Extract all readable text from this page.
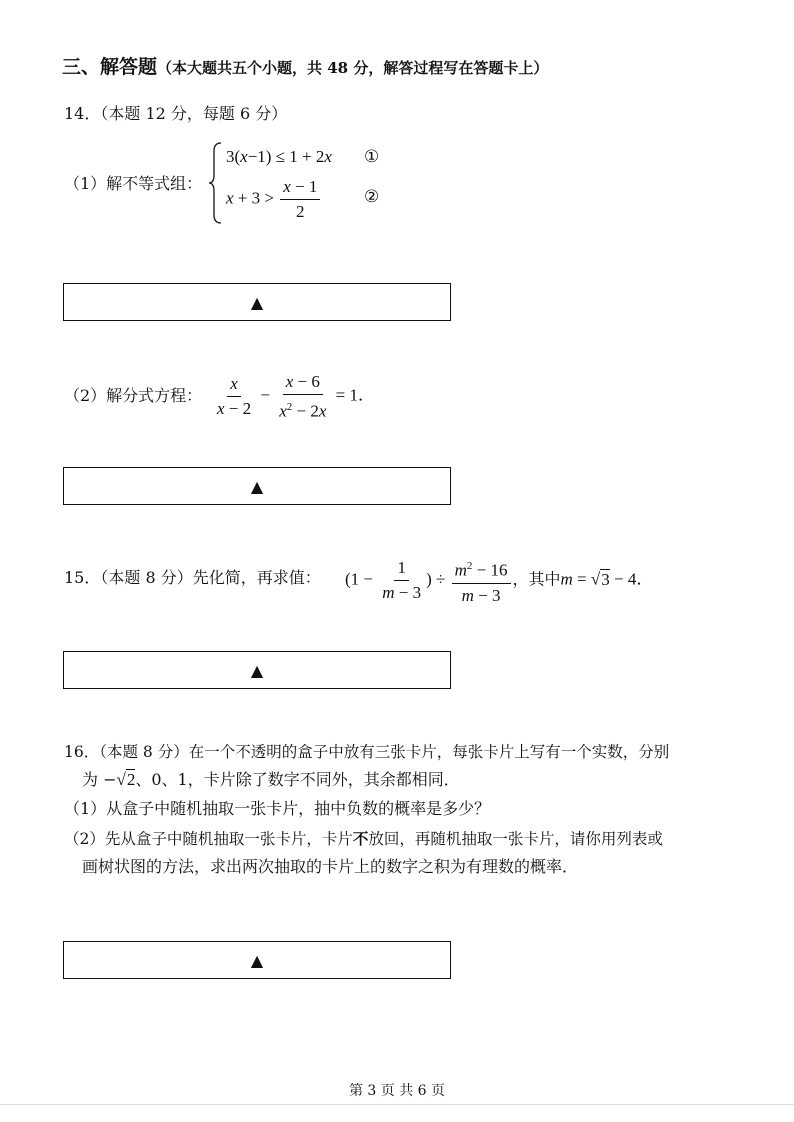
三、解答题（本大题共五个小题，共 48 分，解答过程写在答题卡上）
14．（本题 12 分，每题 6 分）
（1）解不等式组：
3(x−1) ≤ 1 + 2x ①
$x + 3 > \frac{x - 1}{2}$	②
▲
（2）解分式方程： $\frac{x}{x - 2} - \frac{x - 6}{x^2 - 2x} = 1$．
▲
15．（本题 8 分）先化简，再求值： ($1 - \frac{1}{m - 3}$ ) ÷ $\frac{m^2 - 16}{m - 3}$ ，其中m = √3 − 4．
▲
16．（本题 8 分）在一个不透明的盒子中放有三张卡片，每张卡片上写有一个实数，分别
为 −√2、0、1，卡片除了数字不同外，其余都相同．
（1）从盒子中随机抽取一张卡片，抽中负数的概率是多少？
（2）先从盒子中随机抽取一张卡片，卡片不放回，再随机抽取一张卡片，请你用列表或
画树状图的方法，求出两次抽取的卡片上的数字之积为有理数的概率．
▲
第 3 页 共 6 页
